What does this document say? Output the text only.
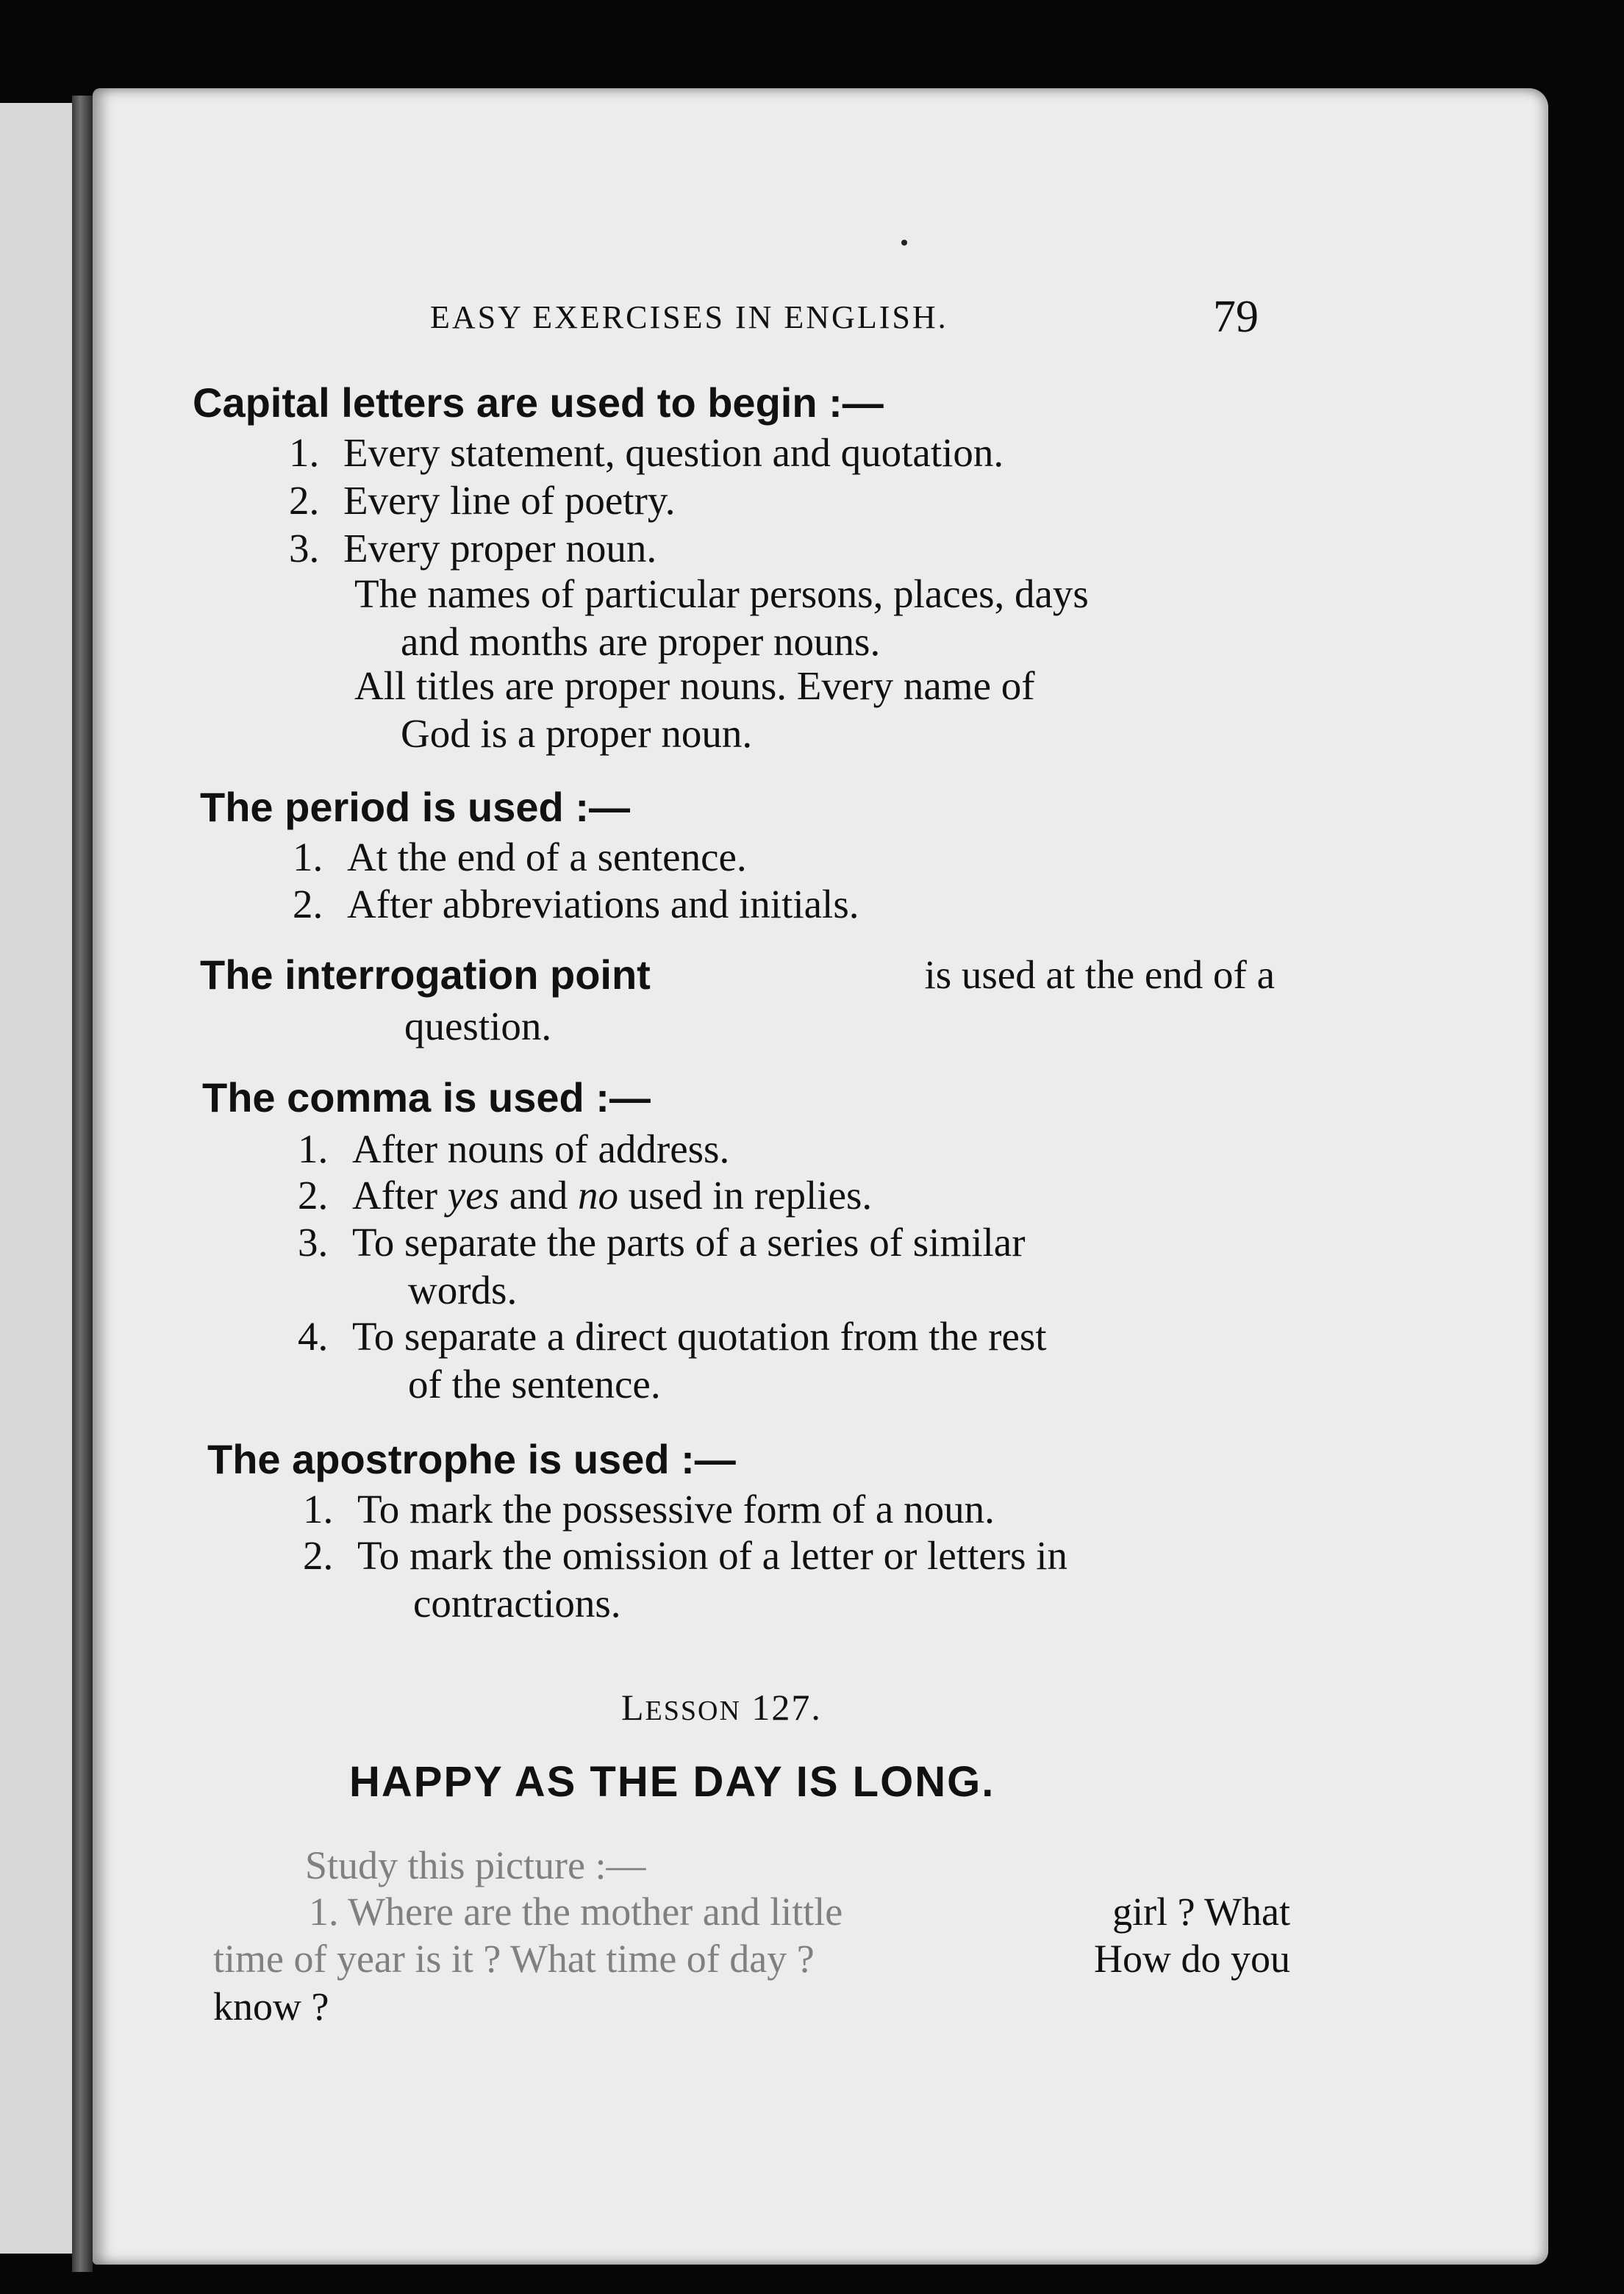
EASY EXERCISES IN ENGLISH.	79

Capital letters are used to begin :—

1. Every statement, question and quotation.

2. Every line of poetry.

3. Every proper noun.

The names of particular persons, places, days

and months are proper nouns.

All titles are proper nouns. Every name of

God is a proper noun.

The period is used :—

1. At the end of a sentence.

2. After abbreviations and initials.

The interrogation point	is used at the end of a

question.

The comma is used :—

1. After nouns of address.

2. After yes and no used in replies.

3. To separate the parts of a series of similar

words.

4. To separate a direct quotation from the rest

of the sentence.

The apostrophe is used :—

1. To mark the possessive form of a noun.

2. To mark the omission of a letter or letters in

contractions.

LESSON 127.

HAPPY AS THE DAY IS LONG.

Study this picture :—

1. Where are the mother and little	girl ? What

time of year is it ? What time of day ?	How do you

know ?
